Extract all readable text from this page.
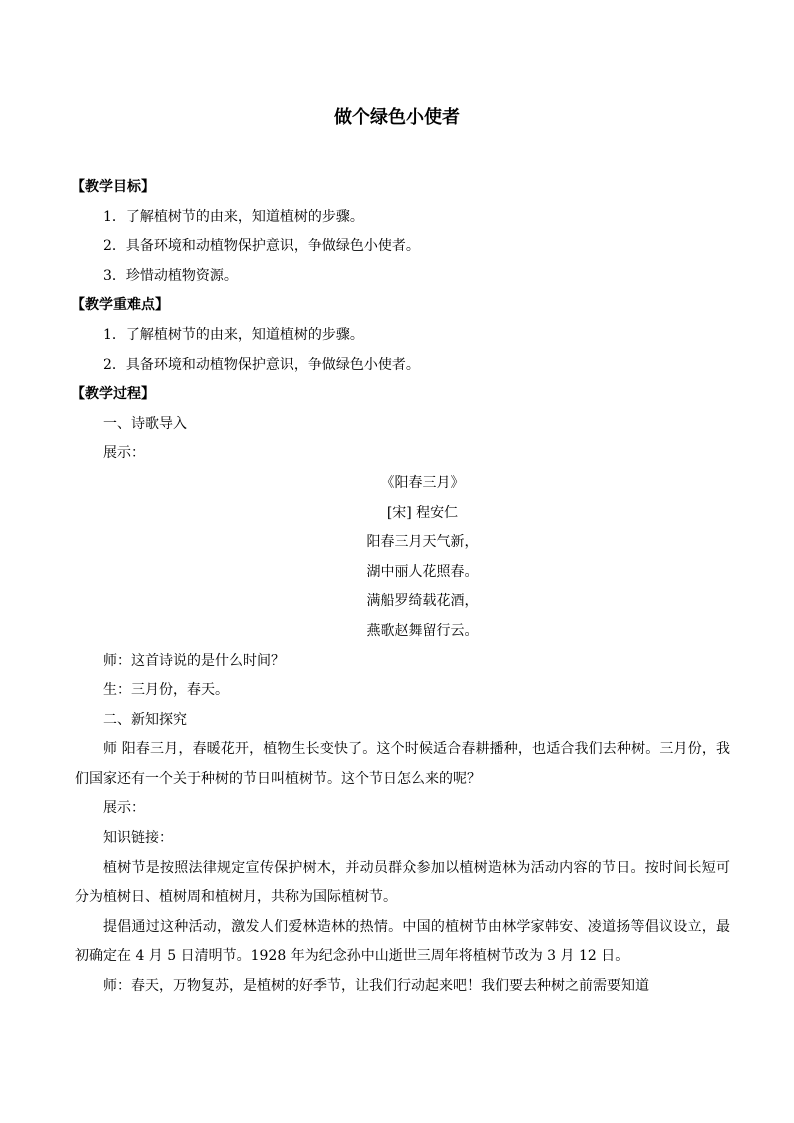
做个绿色小使者

【教学目标】

1．了解植树节的由来，知道植树的步骤。

2．具备环境和动植物保护意识，争做绿色小使者。

3．珍惜动植物资源。

【教学重难点】

1．了解植树节的由来，知道植树的步骤。

2．具备环境和动植物保护意识，争做绿色小使者。

【教学过程】

一、诗歌导入

展示：

《阳春三月》

[宋] 程安仁

阳春三月天气新，

湖中丽人花照春。

满船罗绮载花酒，

燕歌赵舞留行云。

师：这首诗说的是什么时间？

生：三月份，春天。

二、新知探究

师 阳春三月，春暖花开，植物生长变快了。这个时候适合春耕播种，也适合我们去种树。三月份，我们国家还有一个关于种树的节日叫植树节。这个节日怎么来的呢？

展示：

知识链接：

植树节是按照法律规定宣传保护树木，并动员群众参加以植树造林为活动内容的节日。按时间长短可分为植树日、植树周和植树月，共称为国际植树节。

提倡通过这种活动，激发人们爱林造林的热情。中国的植树节由林学家韩安、凌道扬等倡议设立，最初确定在 4 月 5 日清明节。1928 年为纪念孙中山逝世三周年将植树节改为 3 月 12 日。

师：春天，万物复苏，是植树的好季节，让我们行动起来吧！我们要去种树之前需要知道
